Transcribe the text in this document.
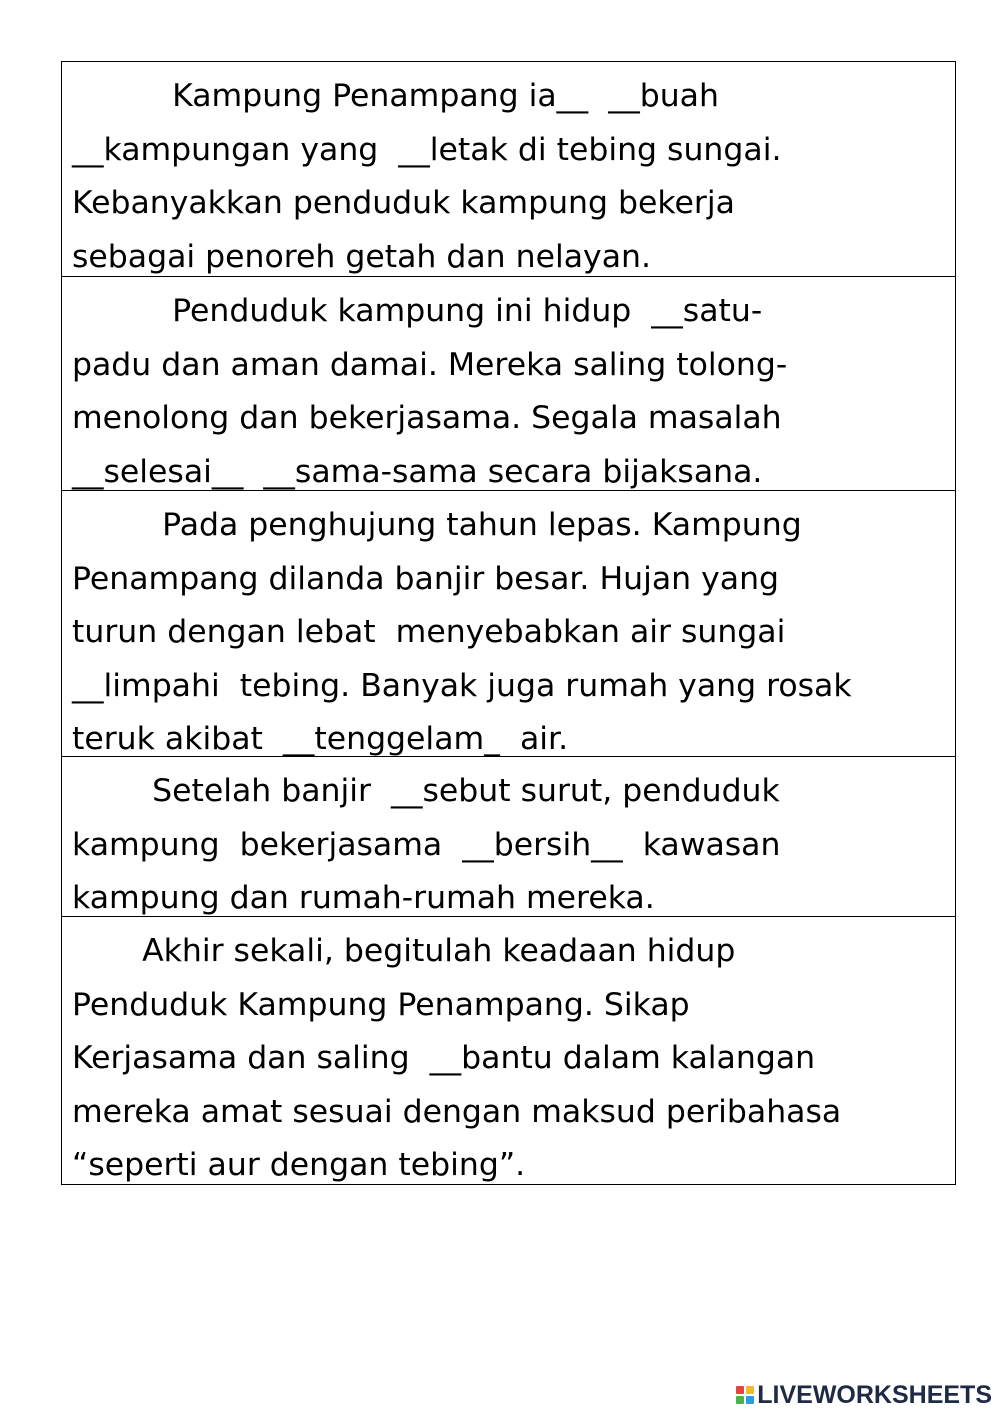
Kampung Penampang ia__  __buah
__kampungan yang  __letak di tebing sungai.
Kebanyakkan penduduk kampung bekerja
sebagai penoreh getah dan nelayan.
Penduduk kampung ini hidup  __satu-
padu dan aman damai. Mereka saling tolong-
menolong dan bekerjasama. Segala masalah
__selesai__  __sama-sama secara bijaksana.
Pada penghujung tahun lepas. Kampung
Penampang dilanda banjir besar. Hujan yang
turun dengan lebat  menyebabkan air sungai
__limpahi  tebing. Banyak juga rumah yang rosak
teruk akibat  __tenggelam_  air.
Setelah banjir  __sebut surut, penduduk
kampung  bekerjasama  __bersih__  kawasan
kampung dan rumah-rumah mereka.
Akhir sekali, begitulah keadaan hidup
Penduduk Kampung Penampang. Sikap
Kerjasama dan saling  __bantu dalam kalangan
mereka amat sesuai dengan maksud peribahasa
“seperti aur dengan tebing”.
LIVEWORKSHEETS
